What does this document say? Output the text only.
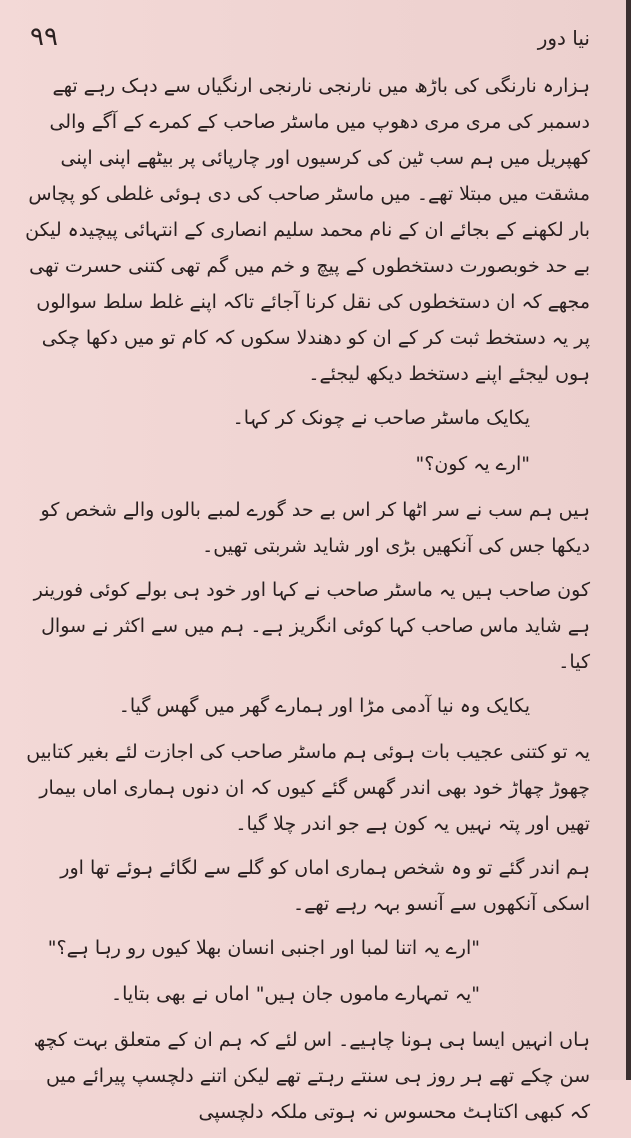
۹۹	نیا دور

ہزارہ نارنگی کی باڑھ میں نارنجی نارنجی ارنگیاں سے دہک رہے تھے دسمبر کی مری مری دھوپ میں ماسٹر صاحب کے کمرے کے آگے والی کھپریل میں ہم سب ٹین کی کرسیوں اور چارپائی پر بیٹھے اپنی اپنی مشقت میں مبتلا تھے۔ میں ماسٹر صاحب کی دی ہوئی غلطی کو پچاس بار لکھنے کے بجائے ان کے نام محمد سلیم انصاری کے انتہائی پیچیدہ لیکن بے حد خوبصورت دستخطوں کے پیچ و خم میں گم تھی کتنی حسرت تھی مجھے کہ ان دستخطوں کی نقل کرنا آجائے تاکہ اپنے غلط سلط سوالوں پر یہ دستخط ثبت کر کے ان کو دھندلا سکوں کہ کام تو میں دکھا چکی ہوں لیجئے اپنے دستخط دیکھ لیجئے۔

یکایک ماسٹر صاحب نے چونک کر کہا۔

"ارے یہ کون؟"

ہیں ہم سب نے سر اٹھا کر اس بے حد گورے لمبے بالوں والے شخص کو دیکھا جس کی آنکھیں بڑی اور شاید شربتی تھیں۔

کون صاحب ہیں یہ ماسٹر صاحب نے کہا اور خود ہی بولے کوئی فورینر ہے شاید ماس صاحب کہا کوئی انگریز ہے۔ ہم میں سے اکثر نے سوال کیا۔

یکایک وہ نیا آدمی مڑا اور ہمارے گھر میں گھس گیا۔

یہ تو کتنی عجیب بات ہوئی ہم ماسٹر صاحب کی اجازت لئے بغیر کتابیں چھوڑ چھاڑ خود بھی اندر گھس گئے کیوں کہ ان دنوں ہماری اماں بیمار تھیں اور پتہ نہیں یہ کون ہے جو اندر چلا گیا۔

ہم اندر گئے تو وہ شخص ہماری اماں کو گلے سے لگائے ہوئے تھا اور اسکی آنکھوں سے آنسو بہہ رہے تھے۔

"ارے یہ اتنا لمبا اور اجنبی انسان بھلا کیوں رو رہا ہے؟"

"یہ تمہارے ماموں جان ہیں" اماں نے بھی بتایا۔

ہاں انہیں ایسا ہی ہونا چاہیے۔ اس لئے کہ ہم ان کے متعلق بہت کچھ سن چکے تھے ہر روز ہی سنتے رہتے تھے لیکن اتنے دلچسپ پیرائے میں کہ کبھی اکتاہٹ محسوس نہ ہوتی ملکہ دلچسپی
